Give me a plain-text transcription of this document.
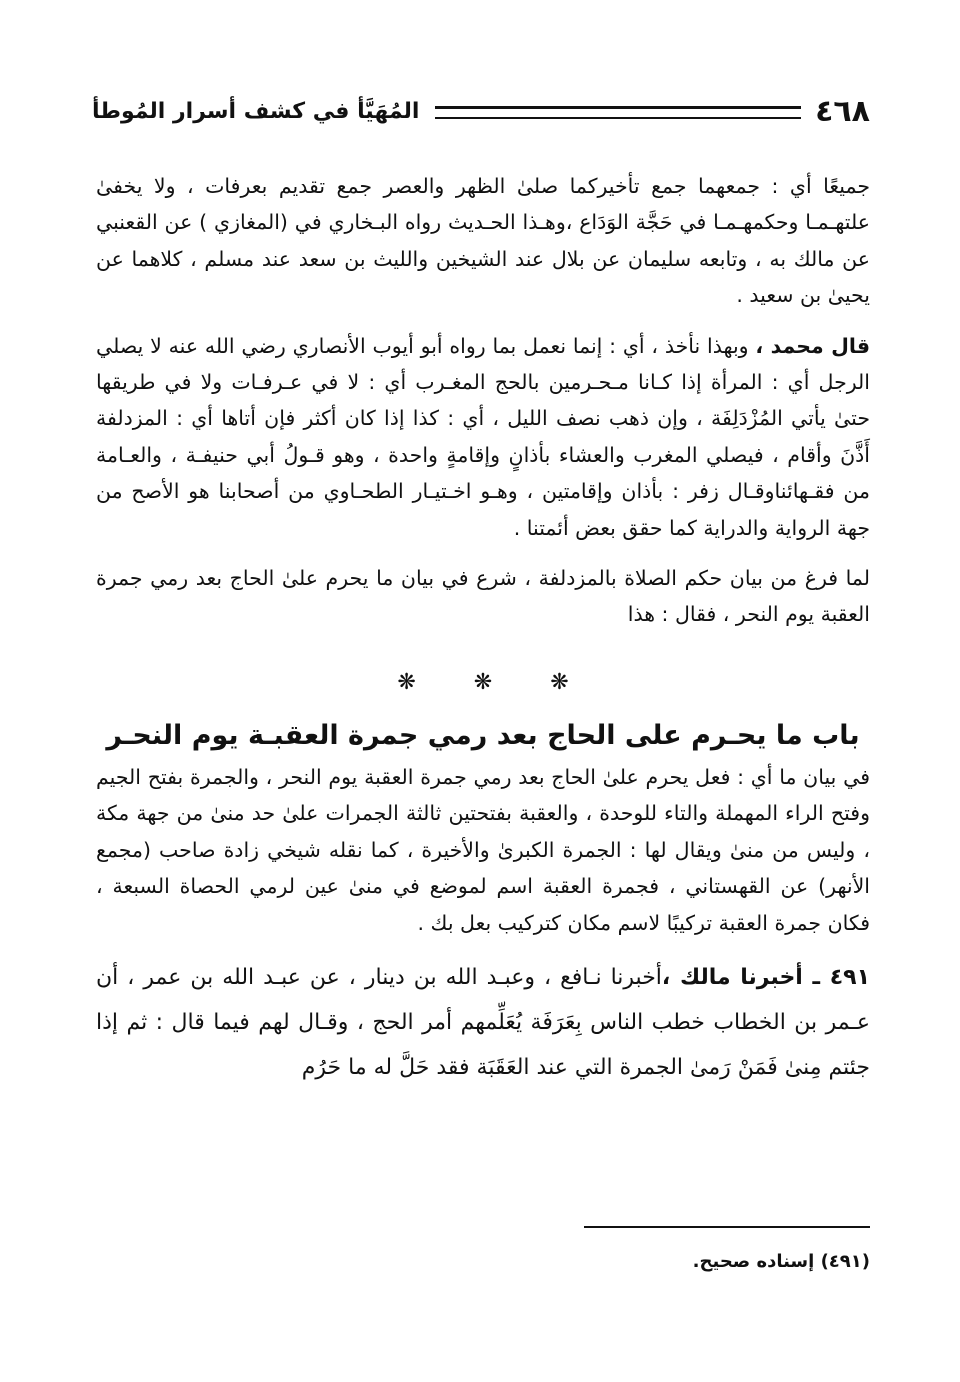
٤٦٨
المُهَيَّأ في كشف أسرار المُوطأ

جميعًا أي : جمعهما جمع تأخيركما صلىٰ الظهر والعصر جمع تقديم بعرفات ، ولا يخفىٰ علتهـمـا وحكمهـمـا في حَجَّة الوَدَاع ،وهـذا الحـديث رواه البـخاري في (المغازي ) عن القعنبي عن مالك به ، وتابعه سليمان عن بلال عند الشيخين والليث بن سعد عند مسلم ، كلاهما عن يحيىٰ بن سعيد .

قال محمد ، وبهذا نأخذ ، أي : إنما نعمل بما رواه أبو أيوب الأنصاري رضي الله عنه لا يصلي الرجل أي : المرأة إذا كـانا مـحـرمين بالحج المغـرب أي : لا في عـرفـات ولا في طريقها حتىٰ يأتي المُزْدَلِفَة ، وإن ذهب نصف الليل ، أي : كذا إذا كان أكثر فإن أتاها أي : المزدلفة أَذَّنَ وأقام ، فيصلي المغرب والعشاء بأذانٍ وإقامةٍ واحدة ، وهو قـولُ أبي حنيفـة ، والعـامة من فقـهائناوقـال زفر : بأذان وإقامتين ، وهـو اخـتيـار الطحـاوي من أصحابنا هو الأصح من جهة الرواية والدراية كما حقق بعض أئمتنا .

لما فرغ من بيان حكم الصلاة بالمزدلفة ، شرع في بيان ما يحرم علىٰ الحاج بعد رمي جمرة العقبة يوم النحر ، فقال : هذا

❋
❋
❋
باب ما يحـرم على الحاج بعد رمي جمرة العقبـة يوم النحـر

في بيان ما أي : فعل يحرم علىٰ الحاج بعد رمي جمرة العقبة يوم النحر ، والجمرة بفتح الجيم وفتح الراء المهملة والتاء للوحدة ، والعقبة بفتحتين ثالثة الجمرات علىٰ حد منىٰ من جهة مكة ، وليس من منىٰ ويقال لها : الجمرة الكبرىٰ والأخيرة ، كما نقله شيخي زادة صاحب (مجمع الأنهر) عن القهستاني ، فجمرة العقبة اسم لموضع في منىٰ عين لرمي الحصاة السبعة ، فكان جمرة العقبة تركيبًا لاسم مكان كتركيب بعل بك .

٤٩١ ـ أخبرنا مالك ،أخبرنا نـافع ، وعبـد الله بن دينار ، عن عبـد الله بن عمر ، أن عـمر بن الخطاب خطب الناس بِعَرَفَة يُعَلِّمهم أمر الحج ، وقـال لهم فيما قال : ثم إذا جئتم مِنىٰ فَمَنْ رَمىٰ الجمرة التي عند العَقَبَة فقد حَلَّ له ما حَرُم

(٤٩١) إسناده صحيح.
